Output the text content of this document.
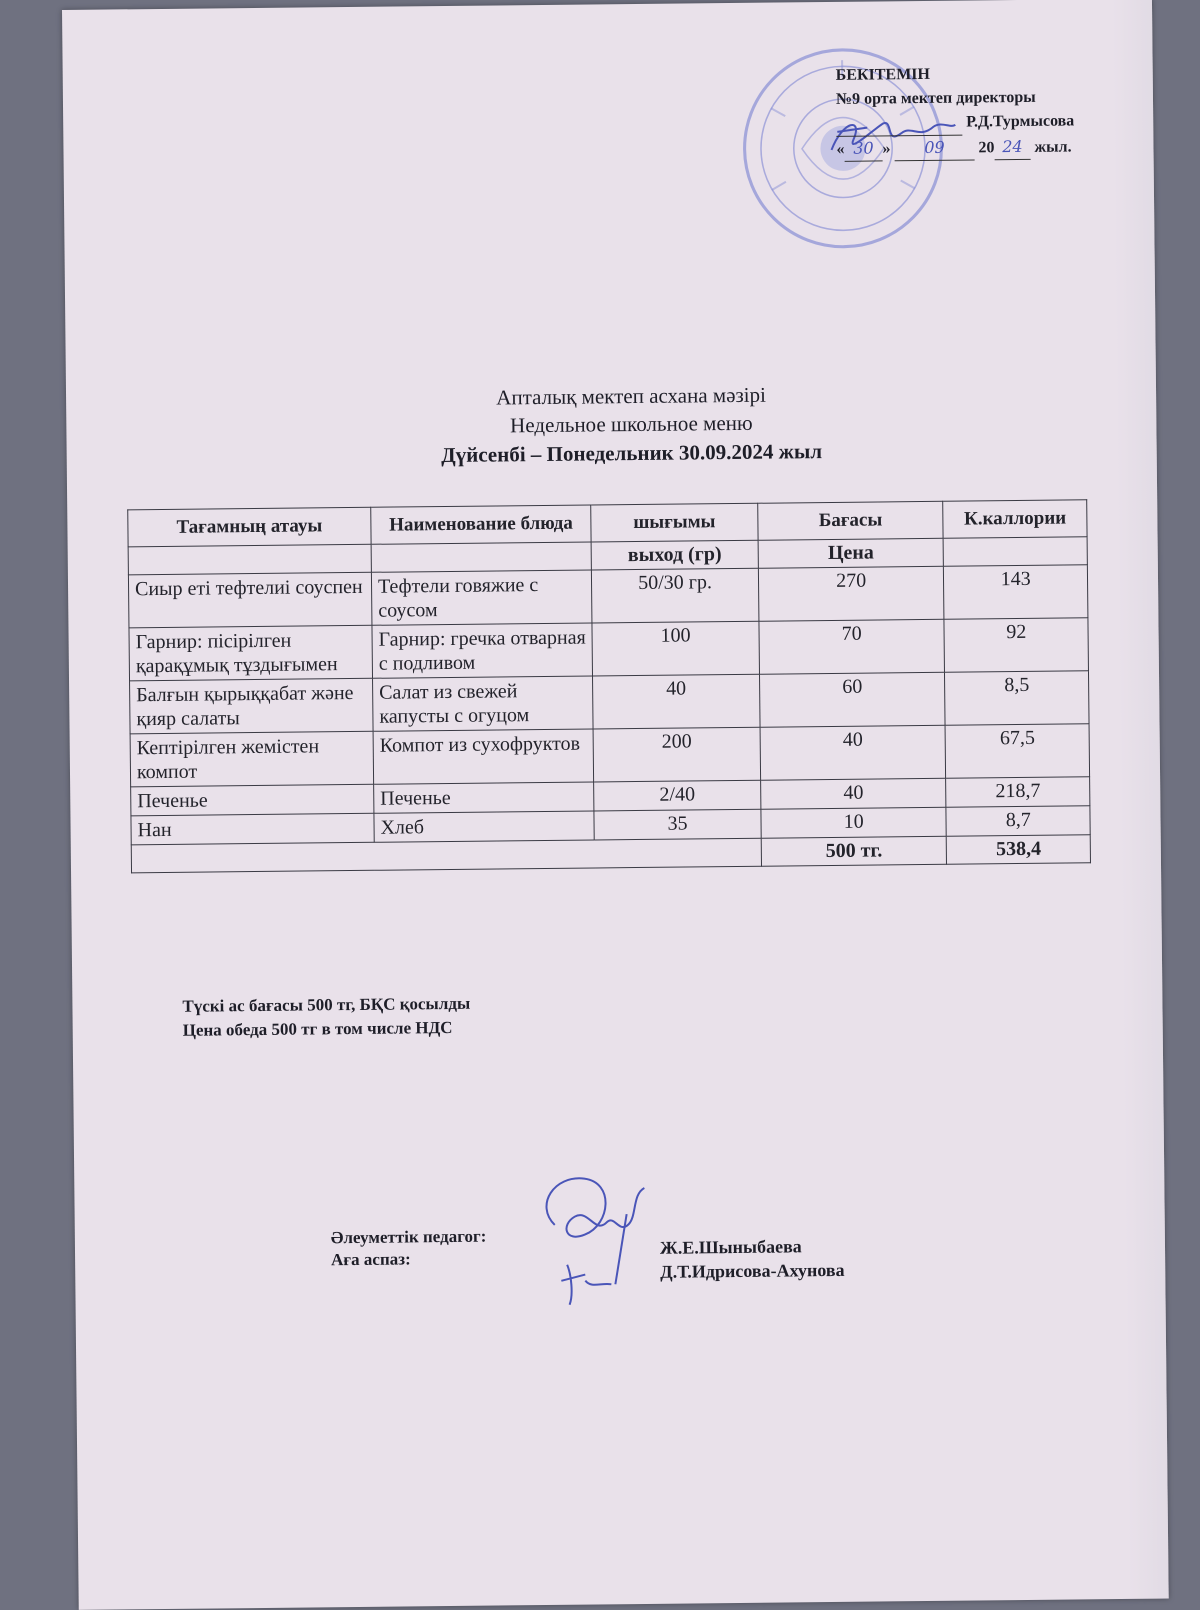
БЕКІТЕМІН
№9 орта мектеп директоры
Р.Д.Турмысова
« 30 » 09 20 24 жыл.
Апталық мектеп асхана мәзірі
Недельное школьное меню
Дүйсенбі – Понедельник 30.09.2024 жыл
Тағамның атауы	Наименование блюда	шығымы	Бағасы	К.каллории
		выход (гр)	Цена	
Сиыр еті тефтелиі соуспен	Тефтели говяжие с соусом	50/30 гр.	270	143
Гарнир: пісірілген қарақұмық тұздығымен	Гарнир: гречка отварная с подливом	100	70	92
Балғын қырыққабат және қияр салаты	Салат из свежей капусты с огуцом	40	60	8,5
Кептірілген жемістен компот	Компот из сухофруктов	200	40	67,5
Печенье	Печенье	2/40	40	218,7
Нан	Хлеб	35	10	8,7
			500 тг.	538,4
Түскі ас бағасы 500 тг, БҚС қосылды
Цена обеда 500 тг в том числе НДС
Әлеуметтік педагог:
Аға аспаз:
Ж.Е.Шыныбаева
Д.Т.Идрисова-Ахунова
